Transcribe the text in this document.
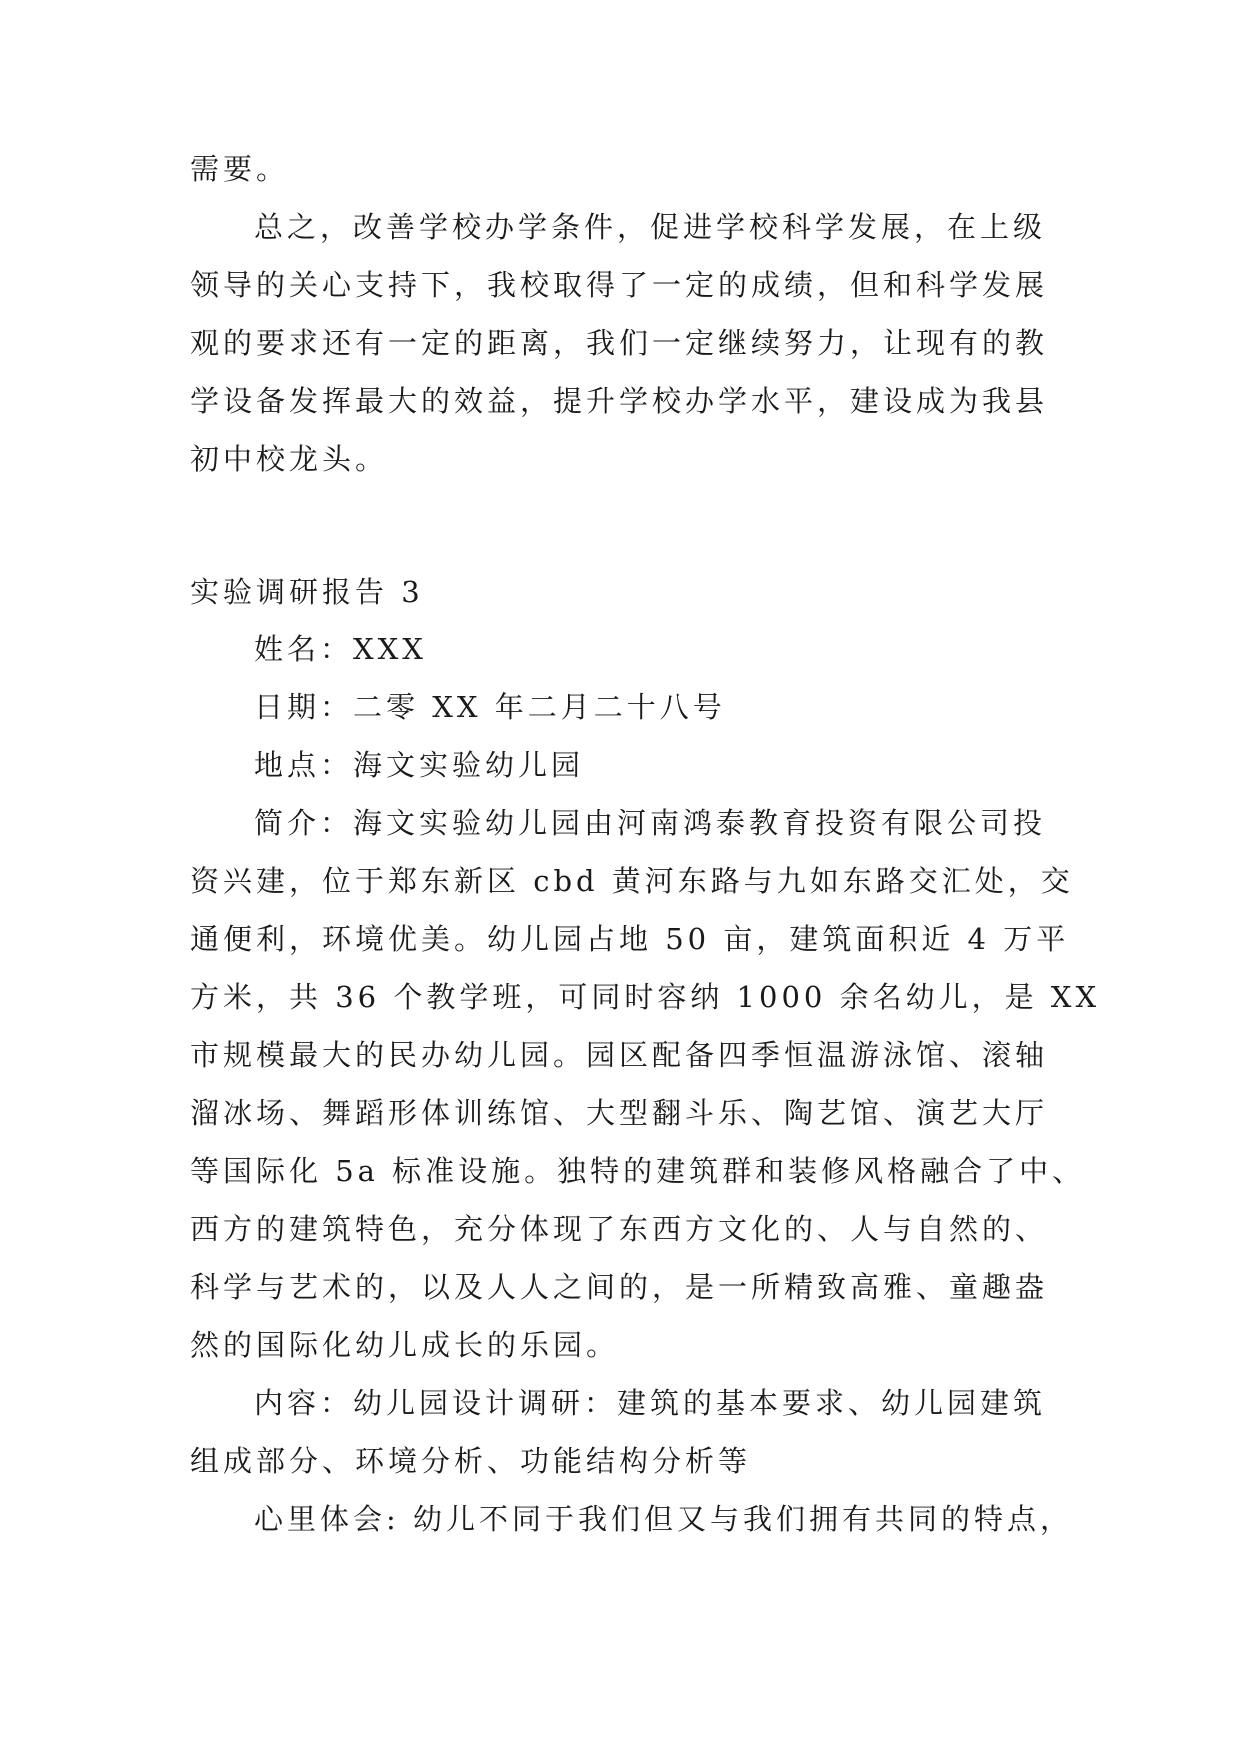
需要。

总之，改善学校办学条件，促进学校科学发展，在上级

领导的关心支持下，我校取得了一定的成绩，但和科学发展

观的要求还有一定的距离，我们一定继续努力，让现有的教

学设备发挥最大的效益，提升学校办学水平，建设成为我县

初中校龙头。

实验调研报告 3

姓名：XXX

日期：二零 XX 年二月二十八号

地点：海文实验幼儿园

简介：海文实验幼儿园由河南鸿泰教育投资有限公司投

资兴建，位于郑东新区 cbd 黄河东路与九如东路交汇处，交

通便利，环境优美。幼儿园占地 50 亩，建筑面积近 4 万平

方米，共 36 个教学班，可同时容纳 1000 余名幼儿，是 XX

市规模最大的民办幼儿园。园区配备四季恒温游泳馆、滚轴

溜冰场、舞蹈形体训练馆、大型翻斗乐、陶艺馆、演艺大厅

等国际化 5a 标准设施。独特的建筑群和装修风格融合了中、

西方的建筑特色，充分体现了东西方文化的、人与自然的、

科学与艺术的，以及人人之间的，是一所精致高雅、童趣盎

然的国际化幼儿成长的乐园。

内容：幼儿园设计调研：建筑的基本要求、幼儿园建筑

组成部分、环境分析、功能结构分析等

心里体会: 幼儿不同于我们但又与我们拥有共同的特点，
